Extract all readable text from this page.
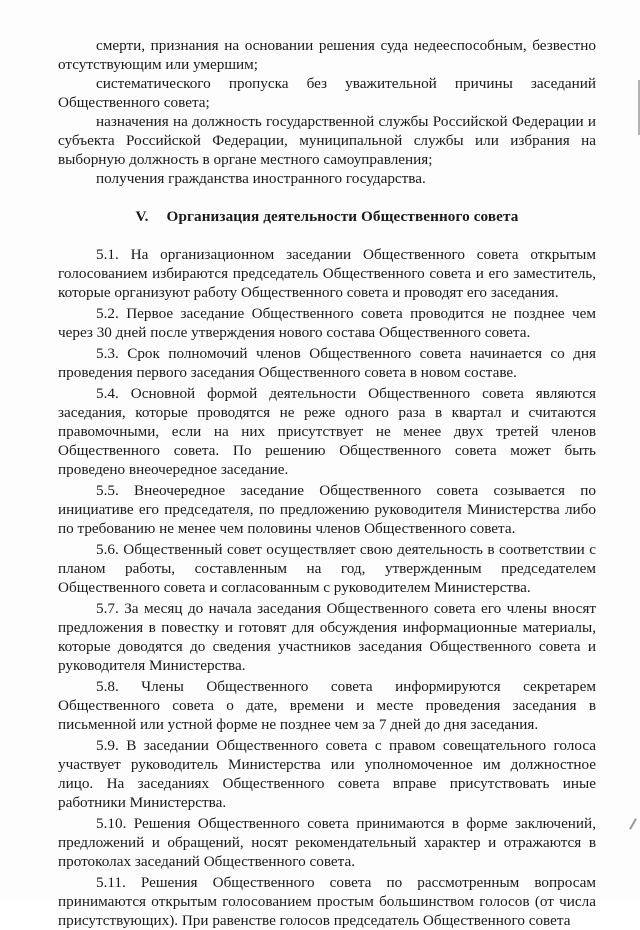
смерти, признания на основании решения суда недееспособным, безвестно отсутствующим или умершим;

систематического пропуска без уважительной причины заседаний Общественного совета;

назначения на должность государственной службы Российской Федерации и субъекта Российской Федерации, муниципальной службы или избрания на выборную должность в органе местного самоуправления;

получения гражданства иностранного государства.

V. Организация деятельности Общественного совета

5.1. На организационном заседании Общественного совета открытым голосованием избираются председатель Общественного совета и его заместитель, которые организуют работу Общественного совета и проводят его заседания.

5.2. Первое заседание Общественного совета проводится не позднее чем через 30 дней после утверждения нового состава Общественного совета.

5.3. Срок полномочий членов Общественного совета начинается со дня проведения первого заседания Общественного совета в новом составе.

5.4. Основной формой деятельности Общественного совета являются заседания, которые проводятся не реже одного раза в квартал и считаются правомочными, если на них присутствует не менее двух третей членов Общественного совета. По решению Общественного совета может быть проведено внеочередное заседание.

5.5. Внеочередное заседание Общественного совета созывается по инициативе его председателя, по предложению руководителя Министерства либо по требованию не менее чем половины членов Общественного совета.

5.6. Общественный совет осуществляет свою деятельность в соответствии с планом работы, составленным на год, утвержденным председателем Общественного совета и согласованным с руководителем Министерства.

5.7. За месяц до начала заседания Общественного совета его члены вносят предложения в повестку и готовят для обсуждения информационные материалы, которые доводятся до сведения участников заседания Общественного совета и руководителя Министерства.

5.8. Члены Общественного совета информируются секретарем Общественного совета о дате, времени и месте проведения заседания в письменной или устной форме не позднее чем за 7 дней до дня заседания.

5.9. В заседании Общественного совета с правом совещательного голоса участвует руководитель Министерства или уполномоченное им должностное лицо. На заседаниях Общественного совета вправе присутствовать иные работники Министерства.

5.10. Решения Общественного совета принимаются в форме заключений, предложений и обращений, носят рекомендательный характер и отражаются в протоколах заседаний Общественного совета.

5.11. Решения Общественного совета по рассмотренным вопросам принимаются открытым голосованием простым большинством голосов (от числа присутствующих). При равенстве голосов председатель Общественного совета
